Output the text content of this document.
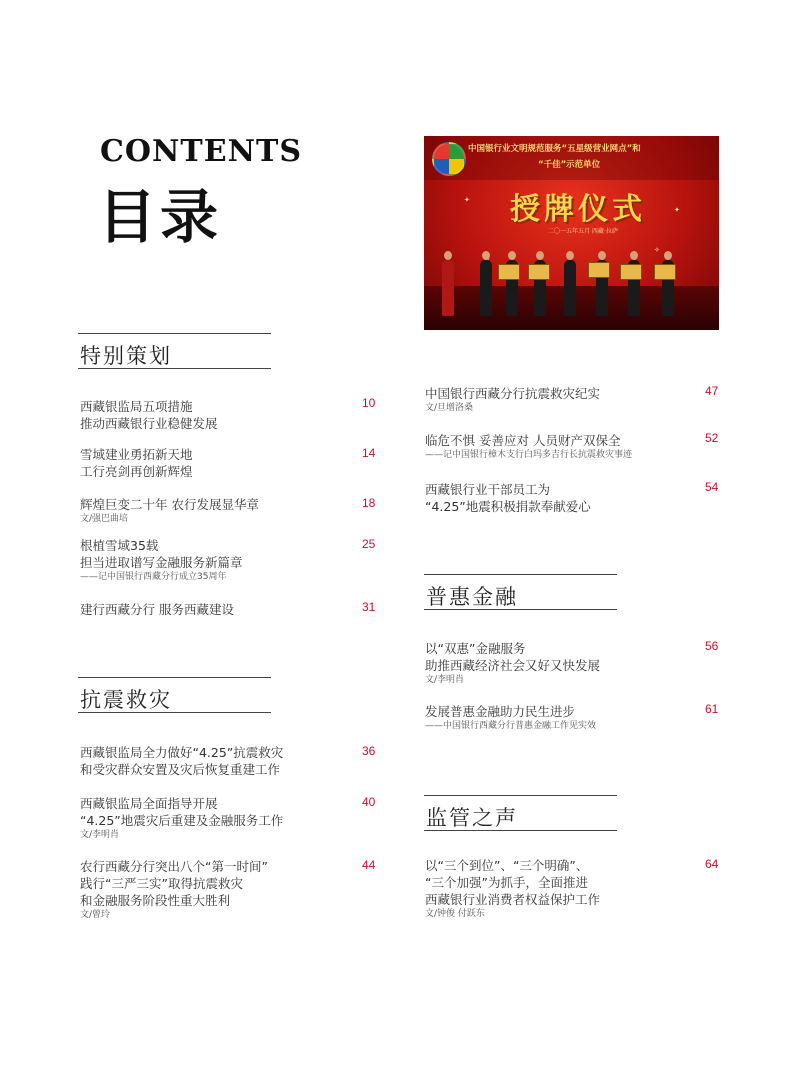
CONTENTS
目录
中国银行业文明规范服务“五星级营业网点”和
“千佳”示范单位
授牌仪式
二〇一五年五月 西藏·拉萨
✦
✦
✧
特别策划
西藏银监局五项措施
推动西藏银行业稳健发展
10
雪域建业勇拓新天地
工行亮剑再创新辉煌
14
辉煌巨变二十年 农行发展显华章
文/强巴曲培
18
根植雪域35载
担当进取谱写金融服务新篇章
——记中国银行西藏分行成立35周年
25
建行西藏分行 服务西藏建设	31
抗震救灾
西藏银监局全力做好“4.25”抗震救灾
和受灾群众安置及灾后恢复重建工作
36
西藏银监局全面指导开展
“4.25”地震灾后重建及金融服务工作
文/李明肖
40
农行西藏分行突出八个“第一时间”
践行“三严三实”取得抗震救灾
和金融服务阶段性重大胜利
文/曾玲
44
中国银行西藏分行抗震救灾纪实
文/旦增洛桑
47
临危不惧 妥善应对 人员财产双保全
——记中国银行樟木支行白玛多吉行长抗震救灾事迹
52
西藏银行业干部员工为
“4.25”地震积极捐款奉献爱心
54
普惠金融
以“双惠”金融服务
助推西藏经济社会又好又快发展
文/李明肖
56
发展普惠金融助力民生进步
——中国银行西藏分行普惠金融工作见实效
61
监管之声
以“三个到位”、“三个明确”、
“三个加强”为抓手，全面推进
西藏银行业消费者权益保护工作
文/钟俊 付跃东
64
